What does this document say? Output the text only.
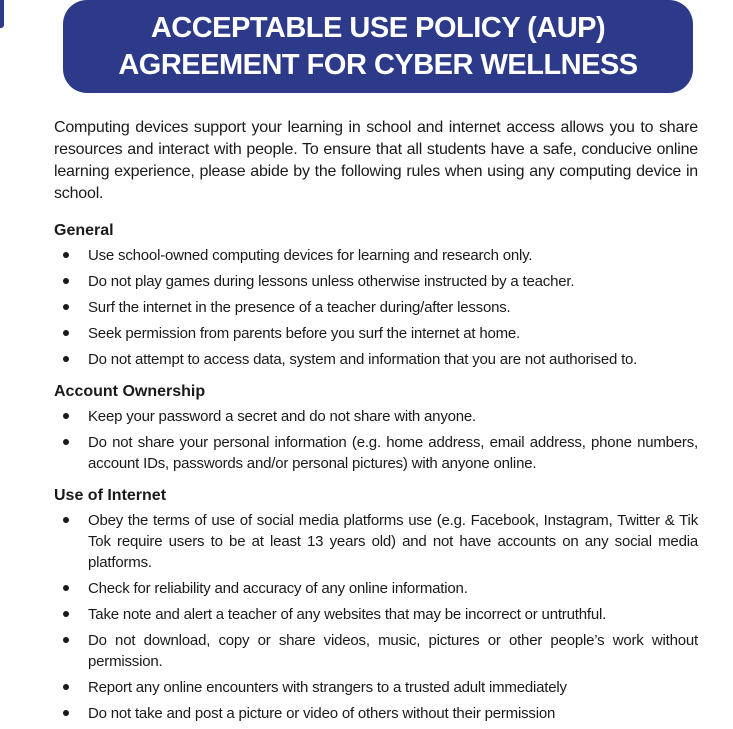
ACCEPTABLE USE POLICY (AUP)
AGREEMENT FOR CYBER WELLNESS

Computing devices support your learning in school and internet access allows you to share resources and interact with people. To ensure that all students have a safe, conducive online learning experience, please abide by the following rules when using any computing device in school.

General
Use school-owned computing devices for learning and research only.
Do not play games during lessons unless otherwise instructed by a teacher.
Surf the internet in the presence of a teacher during/after lessons.
Seek permission from parents before you surf the internet at home.
Do not attempt to access data, system and information that you are not authorised to.
Account Ownership
Keep your password a secret and do not share with anyone.
Do not share your personal information (e.g. home address, email address, phone numbers, account IDs, passwords and/or personal pictures) with anyone online.
Use of Internet
Obey the terms of use of social media platforms use (e.g. Facebook, Instagram, Twitter & Tik Tok require users to be at least 13 years old) and not have accounts on any social media platforms.
Check for reliability and accuracy of any online information.
Take note and alert a teacher of any websites that may be incorrect or untruthful.
Do not download, copy or share videos, music, pictures or other people’s work without permission.
Report any online encounters with strangers to a trusted adult immediately
Do not take and post a picture or video of others without their permission
